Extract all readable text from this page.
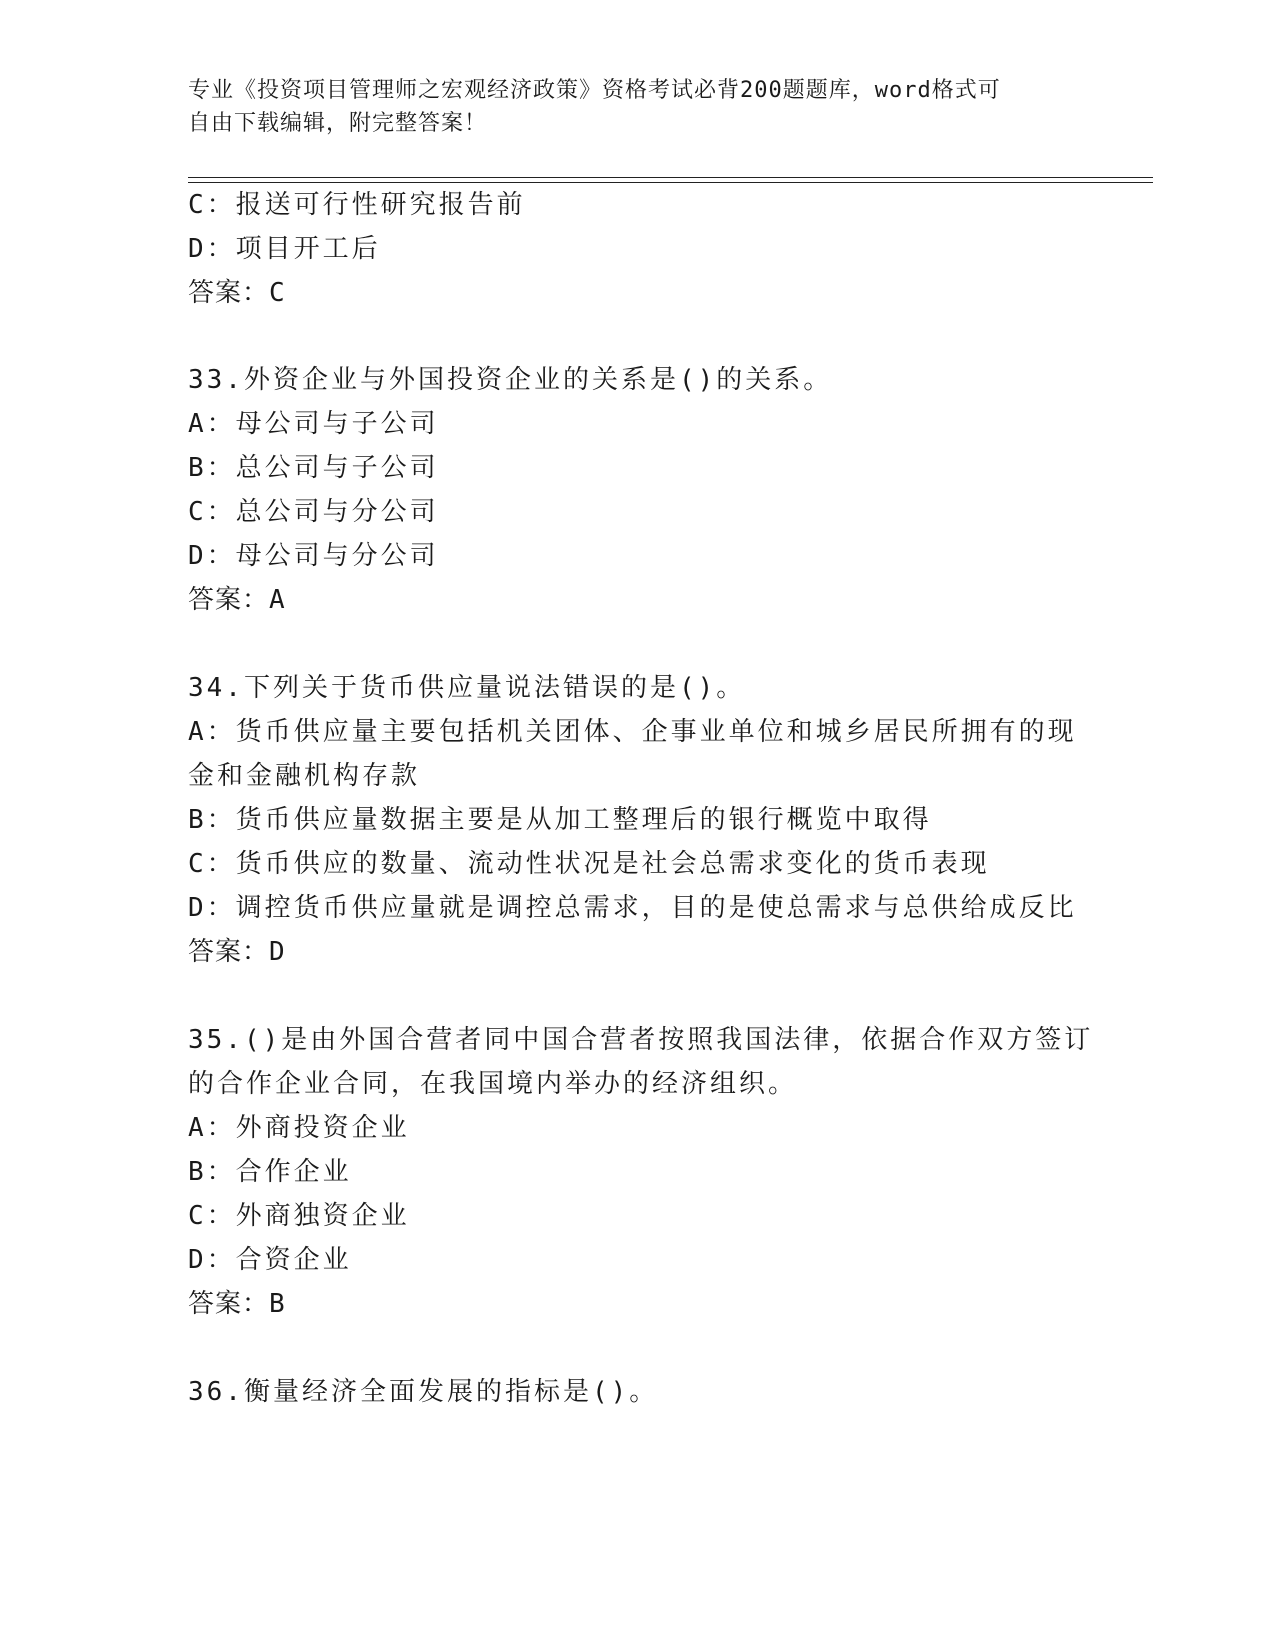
专业《投资项目管理师之宏观经济政策》资格考试必背200题题库，word格式可
自由下载编辑，附完整答案！
C：报送可行性研究报告前
D：项目开工后
答案：C
33.外资企业与外国投资企业的关系是()的关系。
A：母公司与子公司
B：总公司与子公司
C：总公司与分公司
D：母公司与分公司
答案：A
34.下列关于货币供应量说法错误的是()。
A：货币供应量主要包括机关团体、企事业单位和城乡居民所拥有的现
金和金融机构存款
B：货币供应量数据主要是从加工整理后的银行概览中取得
C：货币供应的数量、流动性状况是社会总需求变化的货币表现
D：调控货币供应量就是调控总需求，目的是使总需求与总供给成反比
答案：D
35.()是由外国合营者同中国合营者按照我国法律，依据合作双方签订
的合作企业合同，在我国境内举办的经济组织。
A：外商投资企业
B：合作企业
C：外商独资企业
D：合资企业
答案：B
36.衡量经济全面发展的指标是()。
